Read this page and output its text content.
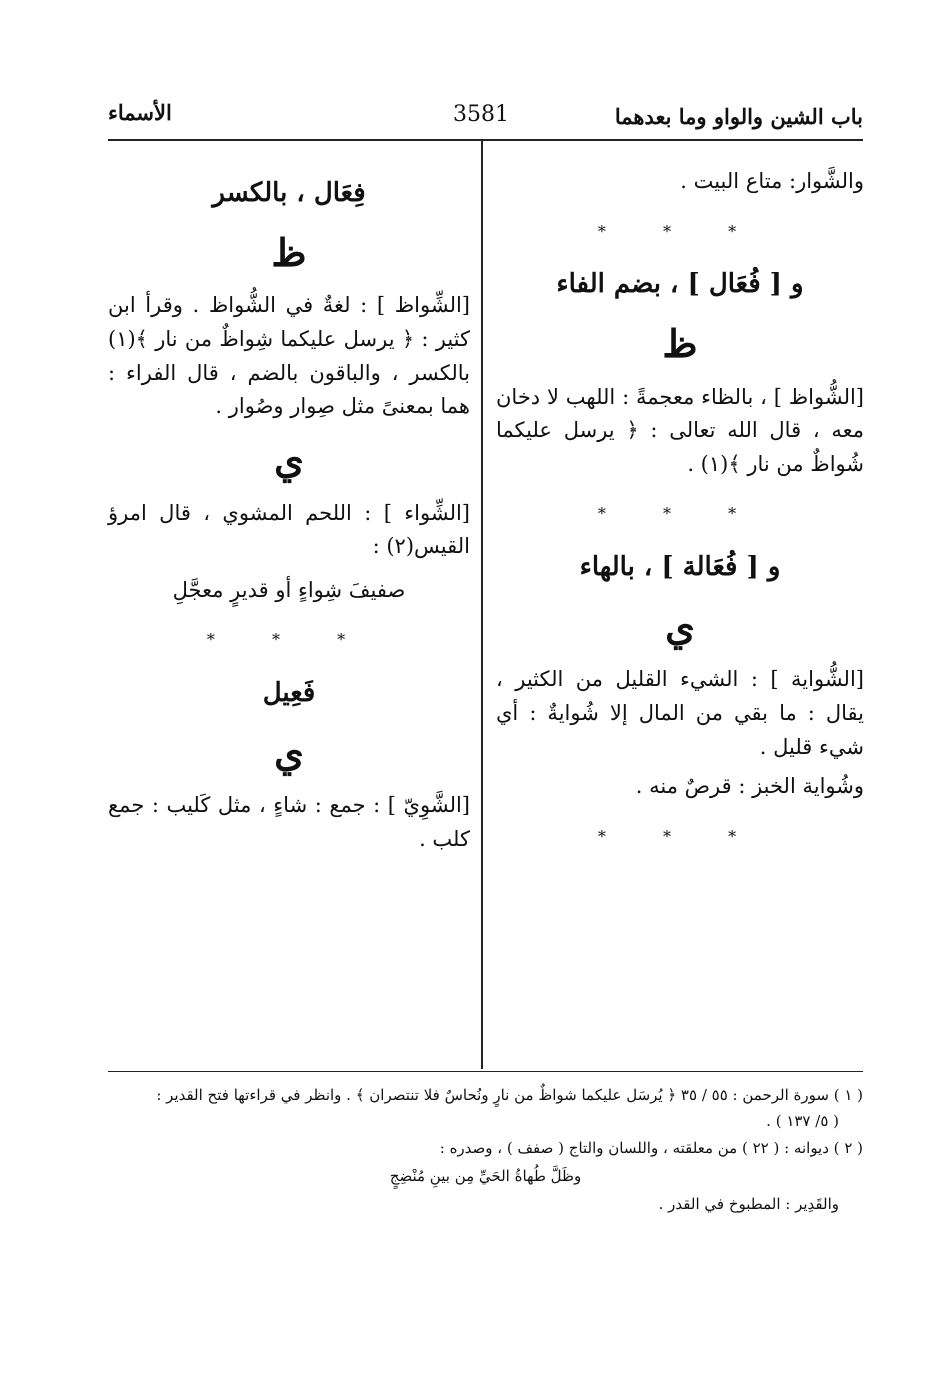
باب الشين والواو وما بعدهما
3581
الأسماء

والشَّوار: متاع البيت .

* * *
و [ فُعَال ] ، بضم الفاء
ظ

[الشُّواظ ] ، بالظاء معجمةً : اللهب لا دخان معه ، قال الله تعالى : ﴿ يرسل عليكما شُواظٌ من نار ﴾(١) .

* * *
و [ فُعَالة ] ، بالهاء
ي

[الشُّواية ] : الشيء القليل من الكثير ، يقال : ما بقي من المال إلا شُوايةٌ : أي شيء قليل .

وشُواية الخبز : قرصٌ منه .

* * *
فِعَال ، بالكسر
ظ

[الشِّواظ ] : لغةٌ في الشُّواظ . وقرأ ابن كثير : ﴿ يرسل عليكما شِواظٌ من نار ﴾(١) بالكسر ، والباقون بالضم ، قال الفراء : هما بمعنىً مثل صِوار وصُوار .

ي

[الشِّواء ] : اللحم المشوي ، قال امرؤ القيس(٢) :

صفيفَ شِواءٍ أو قديرٍ معجَّلِ
* * *
فَعِيل
ي

[الشَّوِيّ ] : جمع : شاءٍ ، مثل كَليب : جمع كلب .

( ١ ) سورة الرحمن : ٥٥ / ٣٥ ﴿ يُرسَل عليكما شواظٌ من نارٍ ونُحاسٌ فلا تنتصران ﴾ . وانظر في قراءتها فتح القدير :

( ٥/ ١٣٧ ) .

( ٢ ) ديوانه : ( ٢٢ ) من معلقته ، واللسان والتاج ( صفف ) ، وصدره :

وظَلَّ طُهاةُ الحَيِّ مِن بينِ مُنْضِجٍ

والقَدِير : المطبوخ في القدر .
